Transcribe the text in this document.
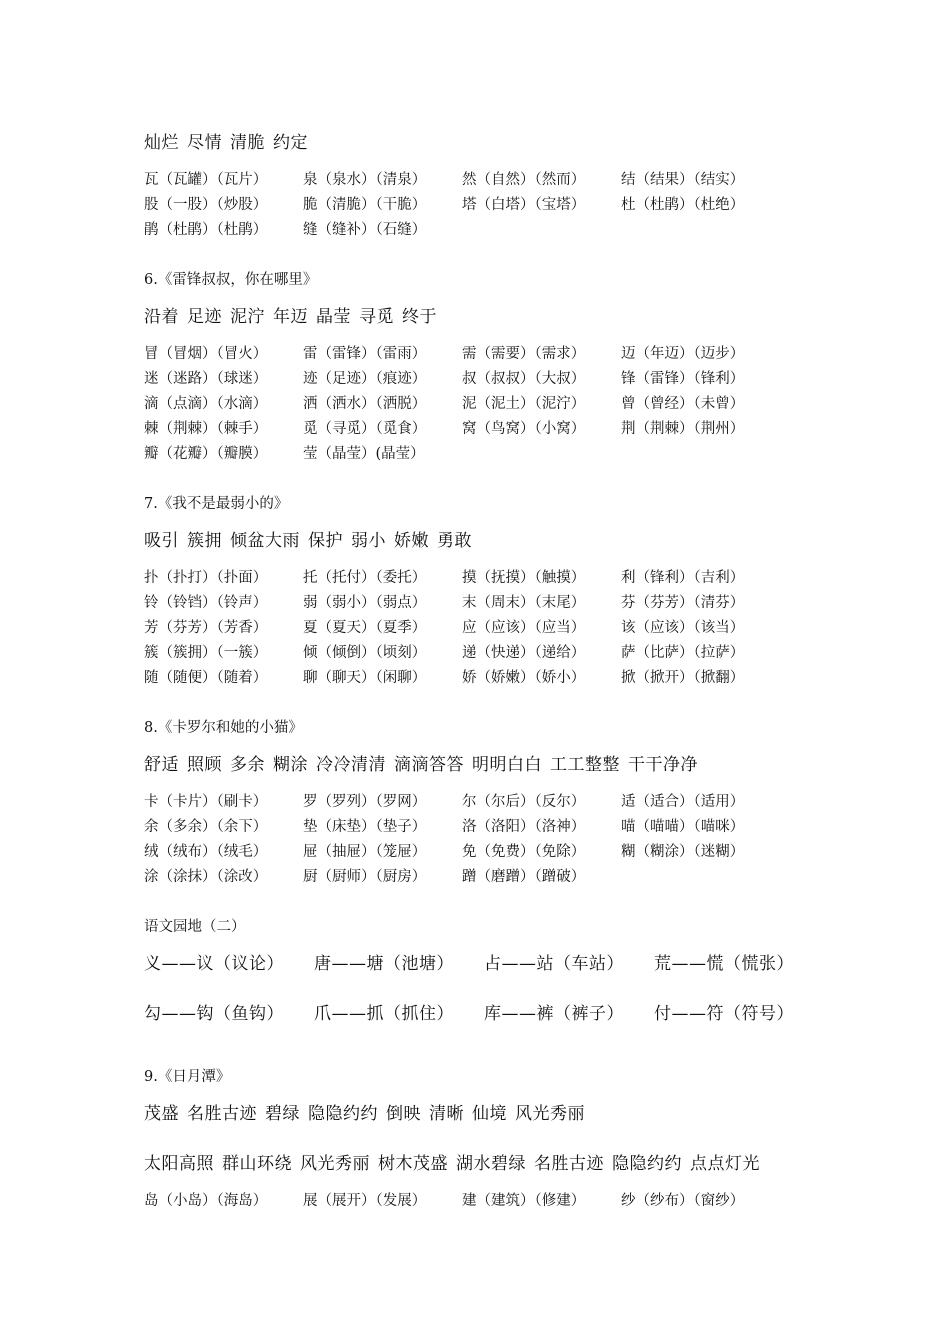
灿烂 尽情 清脆 约定
瓦（瓦罐）（瓦片） 泉（泉水）（清泉） 然（自然）（然而） 结（结果）（结实）
股（一股）（炒股） 脆（清脆）（干脆） 塔（白塔）（宝塔） 杜（杜鹃）（杜绝）
鹃（杜鹃）（杜鹃） 缝（缝补）（石缝）
6.《雷锋叔叔，你在哪里》
沿着 足迹 泥泞 年迈 晶莹 寻觅 终于
冒（冒烟）（冒火） 雷（雷锋）（雷雨） 需（需要）（需求） 迈（年迈）（迈步）
迷（迷路）（球迷） 迹（足迹）（痕迹） 叔（叔叔）（大叔） 锋（雷锋）（锋利）
滴（点滴）（水滴） 洒（洒水）（洒脱） 泥（泥土）（泥泞） 曾（曾经）（未曾）
棘（荆棘）（棘手） 觅（寻觅）（觅食） 窝（鸟窝）（小窝） 荆（荆棘）（荆州）
瓣（花瓣）（瓣膜） 莹（晶莹）(晶莹）
7.《我不是最弱小的》
吸引 簇拥 倾盆大雨 保护 弱小 娇嫩 勇敢
扑（扑打）（扑面） 托（托付）（委托） 摸（抚摸）（触摸） 利（锋利）（吉利）
铃（铃铛）（铃声） 弱（弱小）（弱点） 末（周末）（末尾） 芬（芬芳）（清芬）
芳（芬芳）（芳香） 夏（夏天）（夏季） 应（应该）（应当） 该（应该）（该当）
簇（簇拥）（一簇） 倾（倾倒）（顷刻） 递（快递）（递给） 萨（比萨）（拉萨）
随（随便）（随着） 聊（聊天）（闲聊） 娇（娇嫩）（娇小） 掀（掀开）（掀翻）
8.《卡罗尔和她的小猫》
舒适 照顾 多余 糊涂 冷冷清清 滴滴答答 明明白白 工工整整 干干净净
卡（卡片）（刷卡） 罗（罗列）（罗网） 尔（尔后）（反尔） 适（适合）（适用）
余（多余）（余下） 垫（床垫）（垫子） 洛（洛阳）（洛神） 喵（喵喵）（喵咪）
绒（绒布）（绒毛） 屉（抽屉）（笼屉） 免（免费）（免除） 糊（糊涂）（迷糊）
涂（涂抹）（涂改） 厨（厨师）（厨房） 蹭（磨蹭）（蹭破）
语文园地（二）
义——议（议论） 唐——塘（池塘） 占——站（车站） 荒——慌（慌张）
勾——钩（鱼钩） 爪——抓（抓住） 库——裤（裤子） 付——符（符号）
9.《日月潭》
茂盛 名胜古迹 碧绿 隐隐约约 倒映 清晰 仙境 风光秀丽
太阳高照 群山环绕 风光秀丽 树木茂盛 湖水碧绿 名胜古迹 隐隐约约 点点灯光
岛（小岛）（海岛） 展（展开）（发展） 建（建筑）（修建） 纱（纱布）（窗纱）
